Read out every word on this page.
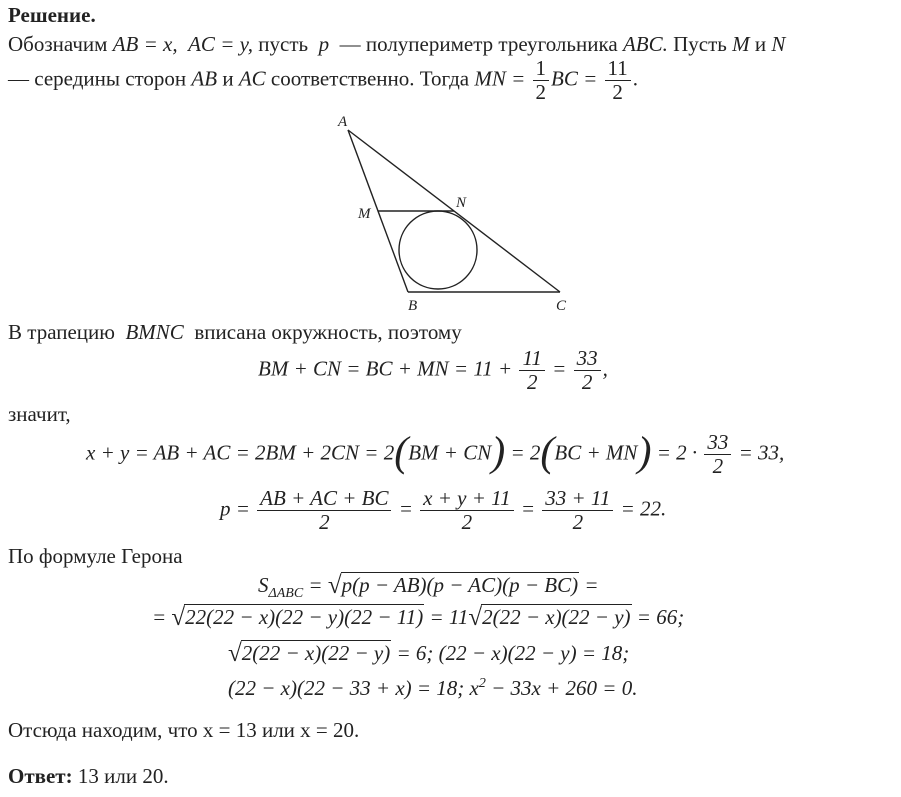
Решение.
Обозначим AB = x, AC = y, пусть p — полупериметр треугольника ABC. Пусть M и N
— середины сторон AB и AC соответственно. Тогда MN = $\frac{1}{2}$ BC = $\frac{11}{2}$ .
A
B	C
M
N
В трапецию BMNC вписана окружность, поэтому
BM + CN = BC + MN = $11 + \frac{11}{2} = \frac{33}{2}$ ,
значит,
x + y = AB + AC = $2BM + 2CN = 2(BM + CN) = 2(BC + MN) = 2 \cdot \frac{33}{2} = 33$,
$p = \frac{AB + AC + BC}{2} = \frac{x + y + 11}{2} = \frac{33 + 11}{2} = 22$.
По формуле Герона
$S_{\Delta ABC} = √p(p - AB)(p - AC)(p - BC)$ =
= √22(22 − x)(22 − y)(22 − 11) = 11√2(22 − x)(22 − y) = 66;
√2(22 − x)(22 − y) = 6; (22 − x)(22 − y) = 18;
(22 − x)(22 − 33 + x) = 18; $x^2 - 33x + 260 = 0$.
Отсюда находим, что x = 13 или x = 20.
Ответ: 13 или 20.
